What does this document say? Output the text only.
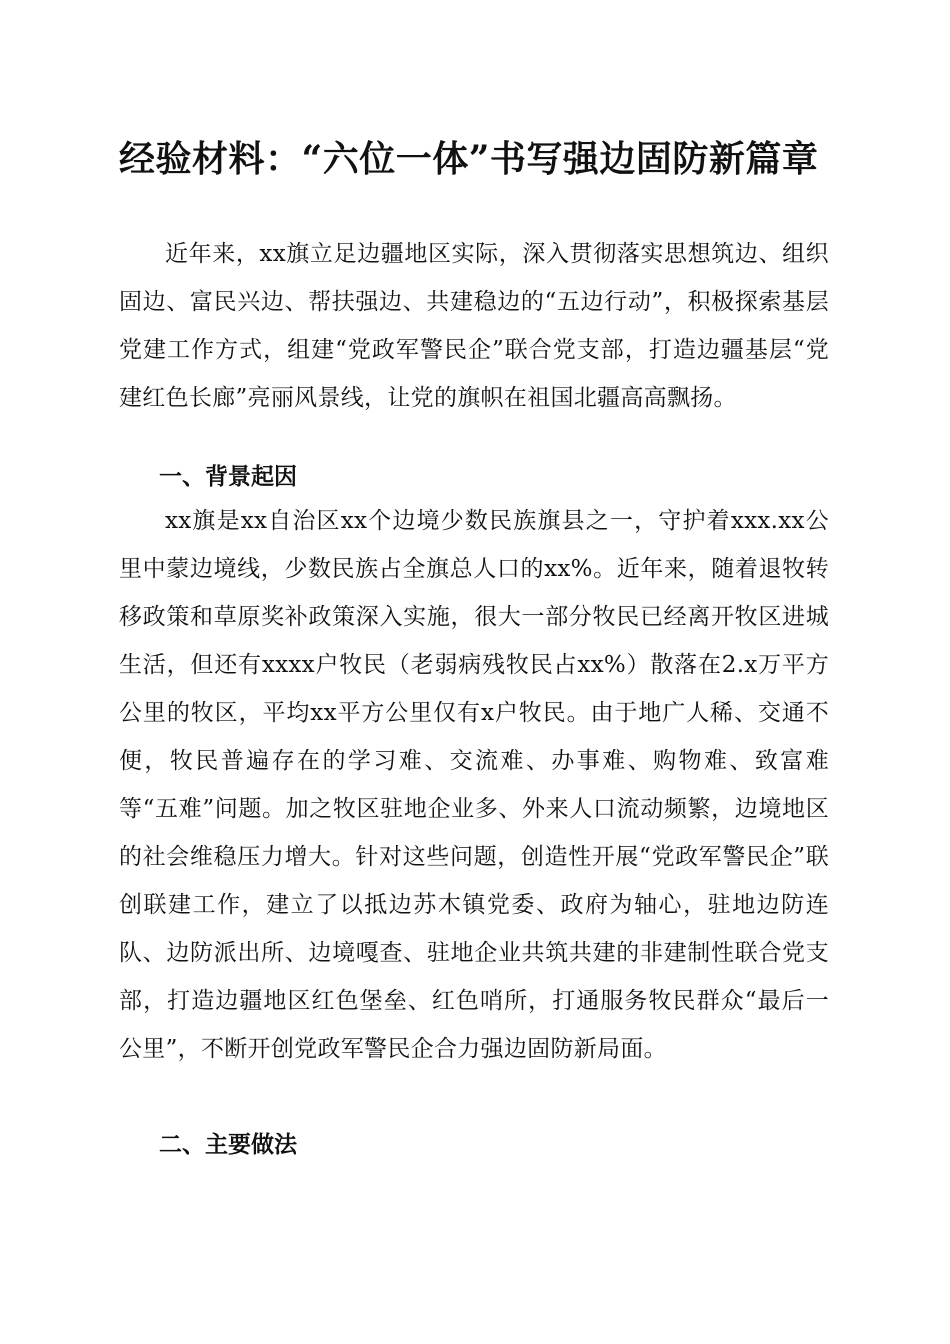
经验材料：“六位一体”书写强边固防新篇章

近年来，xx旗立足边疆地区实际，深入贯彻落实思想筑边、组织固边、富民兴边、帮扶强边、共建稳边的“五边行动”，积极探索基层党建工作方式，组建“党政军警民企”联合党支部，打造边疆基层“党建红色长廊”亮丽风景线，让党的旗帜在祖国北疆高高飘扬。

一、背景起因

xx旗是xx自治区xx个边境少数民族旗县之一，守护着xxx.xx公里中蒙边境线，少数民族占全旗总人口的xx%。近年来，随着退牧转移政策和草原奖补政策深入实施，很大一部分牧民已经离开牧区进城生活，但还有xxxx户牧民（老弱病残牧民占xx%）散落在2.x万平方公里的牧区，平均xx平方公里仅有x户牧民。由于地广人稀、交通不便，牧民普遍存在的学习难、交流难、办事难、购物难、致富难等“五难”问题。加之牧区驻地企业多、外来人口流动频繁，边境地区的社会维稳压力增大。针对这些问题，创造性开展“党政军警民企”联创联建工作，建立了以抵边苏木镇党委、政府为轴心，驻地边防连队、边防派出所、边境嘎查、驻地企业共筑共建的非建制性联合党支部，打造边疆地区红色堡垒、红色哨所，打通服务牧民群众“最后一公里”，不断开创党政军警民企合力强边固防新局面。

二、主要做法
